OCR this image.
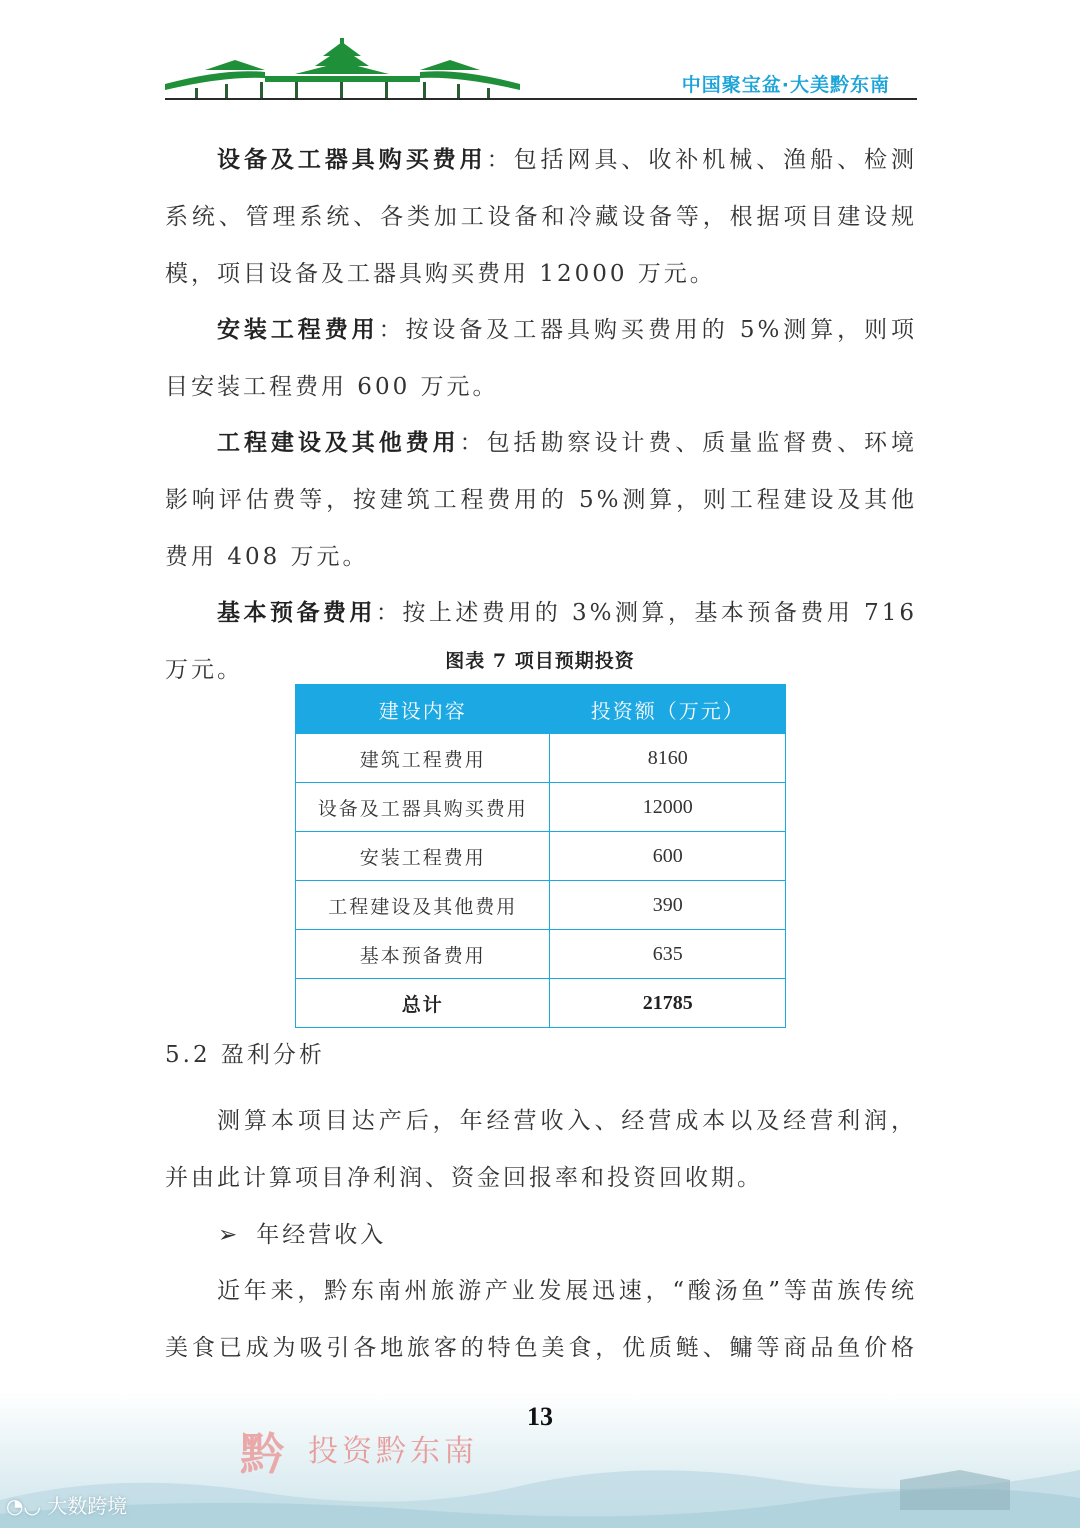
中国聚宝盆·大美黔东南

设备及工器具购买费用：包括网具、收补机械、渔船、检测系统、管理系统、各类加工设备和冷藏设备等，根据项目建设规模，项目设备及工器具购买费用 12000 万元。

安装工程费用：按设备及工器具购买费用的 5%测算，则项目安装工程费用 600 万元。

工程建设及其他费用：包括勘察设计费、质量监督费、环境影响评估费等，按建筑工程费用的 5%测算，则工程建设及其他费用 408 万元。

基本预备费用：按上述费用的 3%测算，基本预备费用 716 万元。	图表 7 项目预期投资
建设内容	投资额（万元）
建筑工程费用	8160
设备及工器具购买费用	12000
安装工程费用	600
工程建设及其他费用	390
基本预备费用	635
总计	21785
5.2 盈利分析

测算本项目达产后，年经营收入、经营成本以及经营利润，并由此计算项目净利润、资金回报率和投资回收期。

➢ 年经营收入

近年来，黔东南州旅游产业发展迅速，“酸汤鱼”等苗族传统美食已成为吸引各地旅客的特色美食，优质鲢、鳙等商品鱼价格

13
黔 投资黔东南
◔◡ 大数跨境
